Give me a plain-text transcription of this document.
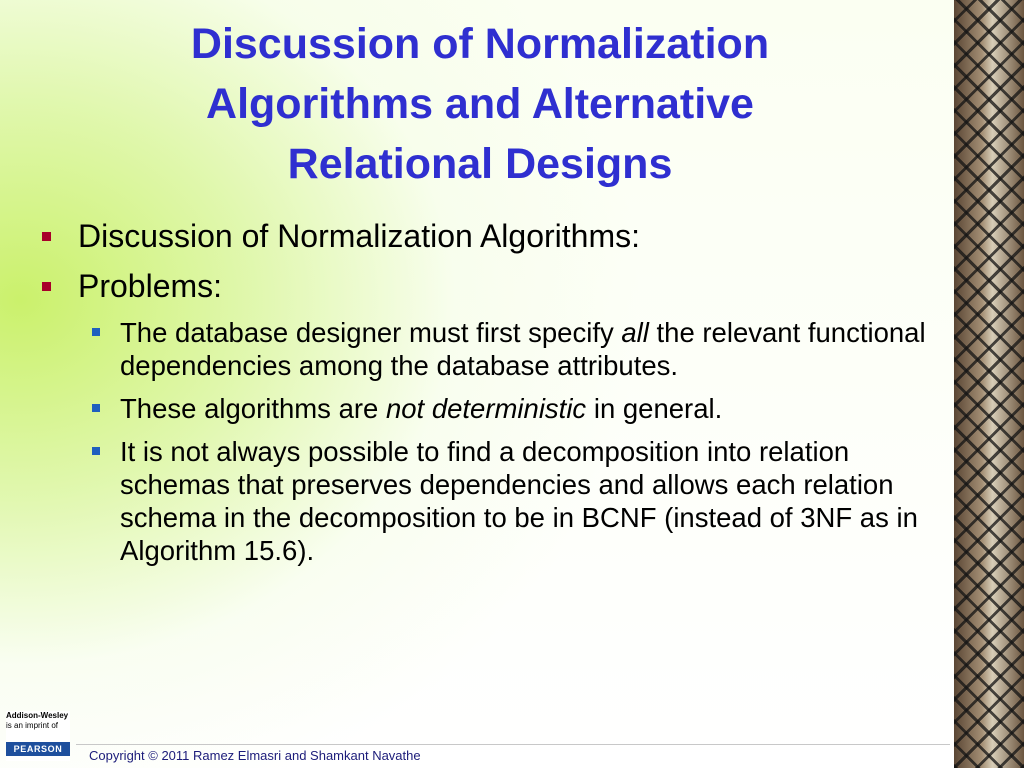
Discussion of Normalization
Algorithms and Alternative
Relational Designs
Discussion of Normalization Algorithms:
Problems:
The database designer must first specify all the relevant functional dependencies among the database attributes.
These algorithms are not deterministic in general.
It is not always possible to find a decomposition into relation schemas that preserves dependencies and allows each relation schema in the decomposition to be in BCNF (instead of 3NF as in Algorithm 15.6).
Addison-Wesley
is an imprint of
PEARSON	Copyright © 2011 Ramez Elmasri and Shamkant Navathe
